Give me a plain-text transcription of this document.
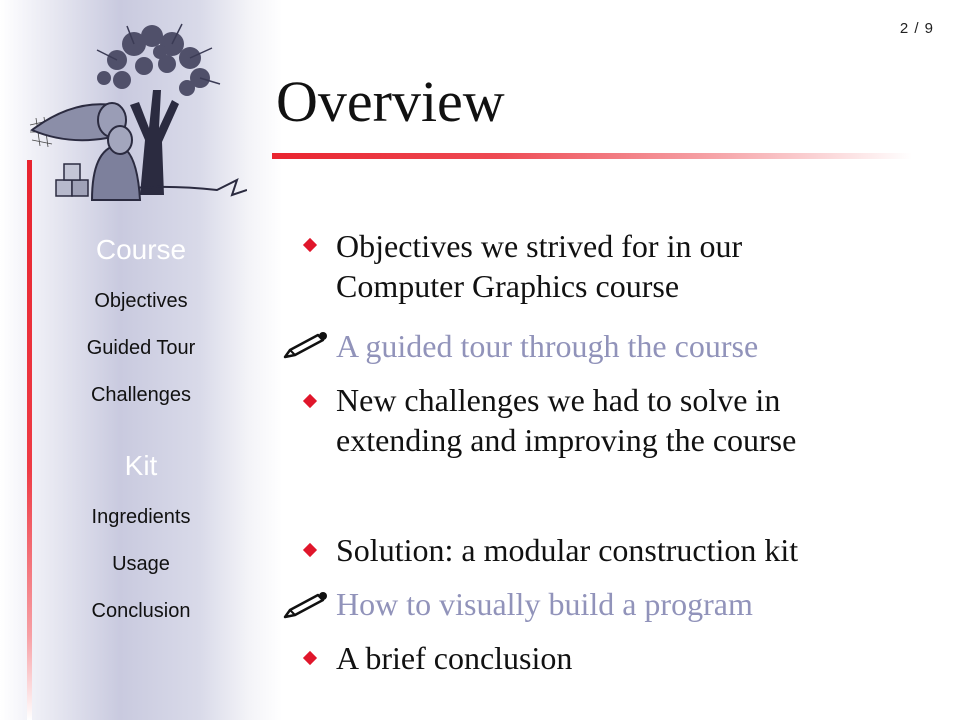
Course
Objectives
Guided Tour
Challenges
Kit
Ingredients
Usage
Conclusion
2 / 9
Overview
Objectives we strived for in our
Computer Graphics course
A guided tour through the course
New challenges we had to solve in
extending and improving the course
Solution: a modular construction kit
How to visually build a program
A brief conclusion
